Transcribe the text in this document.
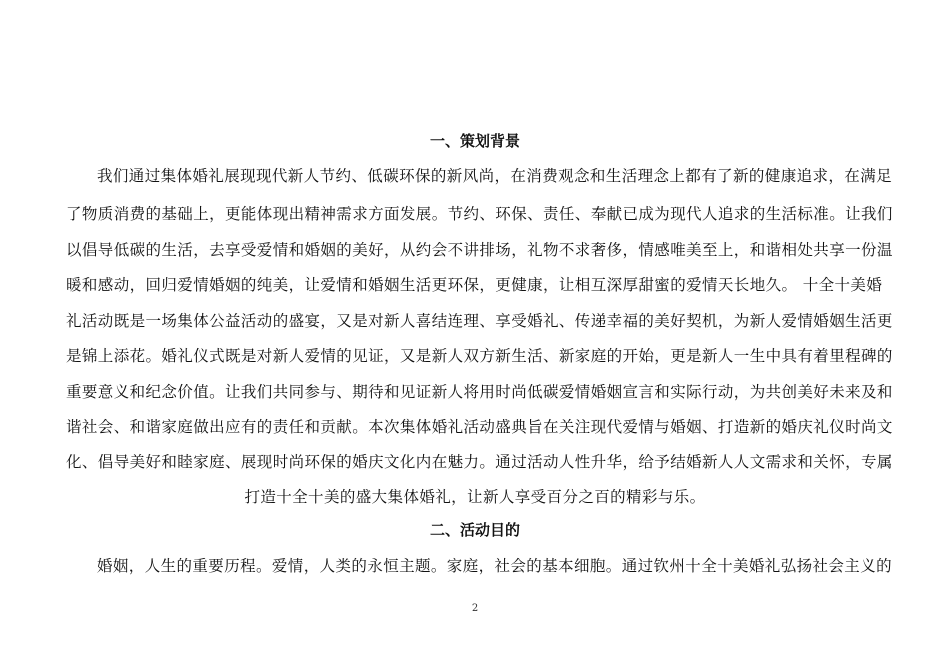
一、策划背景
我们通过集体婚礼展现现代新人节约、低碳环保的新风尚，在消费观念和生活理念上都有了新的健康追求，在满足
了物质消费的基础上，更能体现出精神需求方面发展。节约、环保、责任、奉献已成为现代人追求的生活标准。让我们
以倡导低碳的生活，去享受爱情和婚姻的美好，从约会不讲排场，礼物不求奢侈，情感唯美至上，和谐相处共享一份温
暖和感动，回归爱情婚姻的纯美，让爱情和婚姻生活更环保，更健康，让相互深厚甜蜜的爱情天长地久。 十全十美婚
礼活动既是一场集体公益活动的盛宴，又是对新人喜结连理、享受婚礼、传递幸福的美好契机，为新人爱情婚姻生活更
是锦上添花。婚礼仪式既是对新人爱情的见证，又是新人双方新生活、新家庭的开始，更是新人一生中具有着里程碑的
重要意义和纪念价值。让我们共同参与、期待和见证新人将用时尚低碳爱情婚姻宣言和实际行动，为共创美好未来及和
谐社会、和谐家庭做出应有的责任和贡献。本次集体婚礼活动盛典旨在关注现代爱情与婚姻、打造新的婚庆礼仪时尚文
化、倡导美好和睦家庭、展现时尚环保的婚庆文化内在魅力。通过活动人性升华，给予结婚新人人文需求和关怀，专属
打造十全十美的盛大集体婚礼，让新人享受百分之百的精彩与乐。
二、活动目的
婚姻，人生的重要历程。爱情，人类的永恒主题。家庭，社会的基本细胞。通过钦州十全十美婚礼弘扬社会主义的
2
